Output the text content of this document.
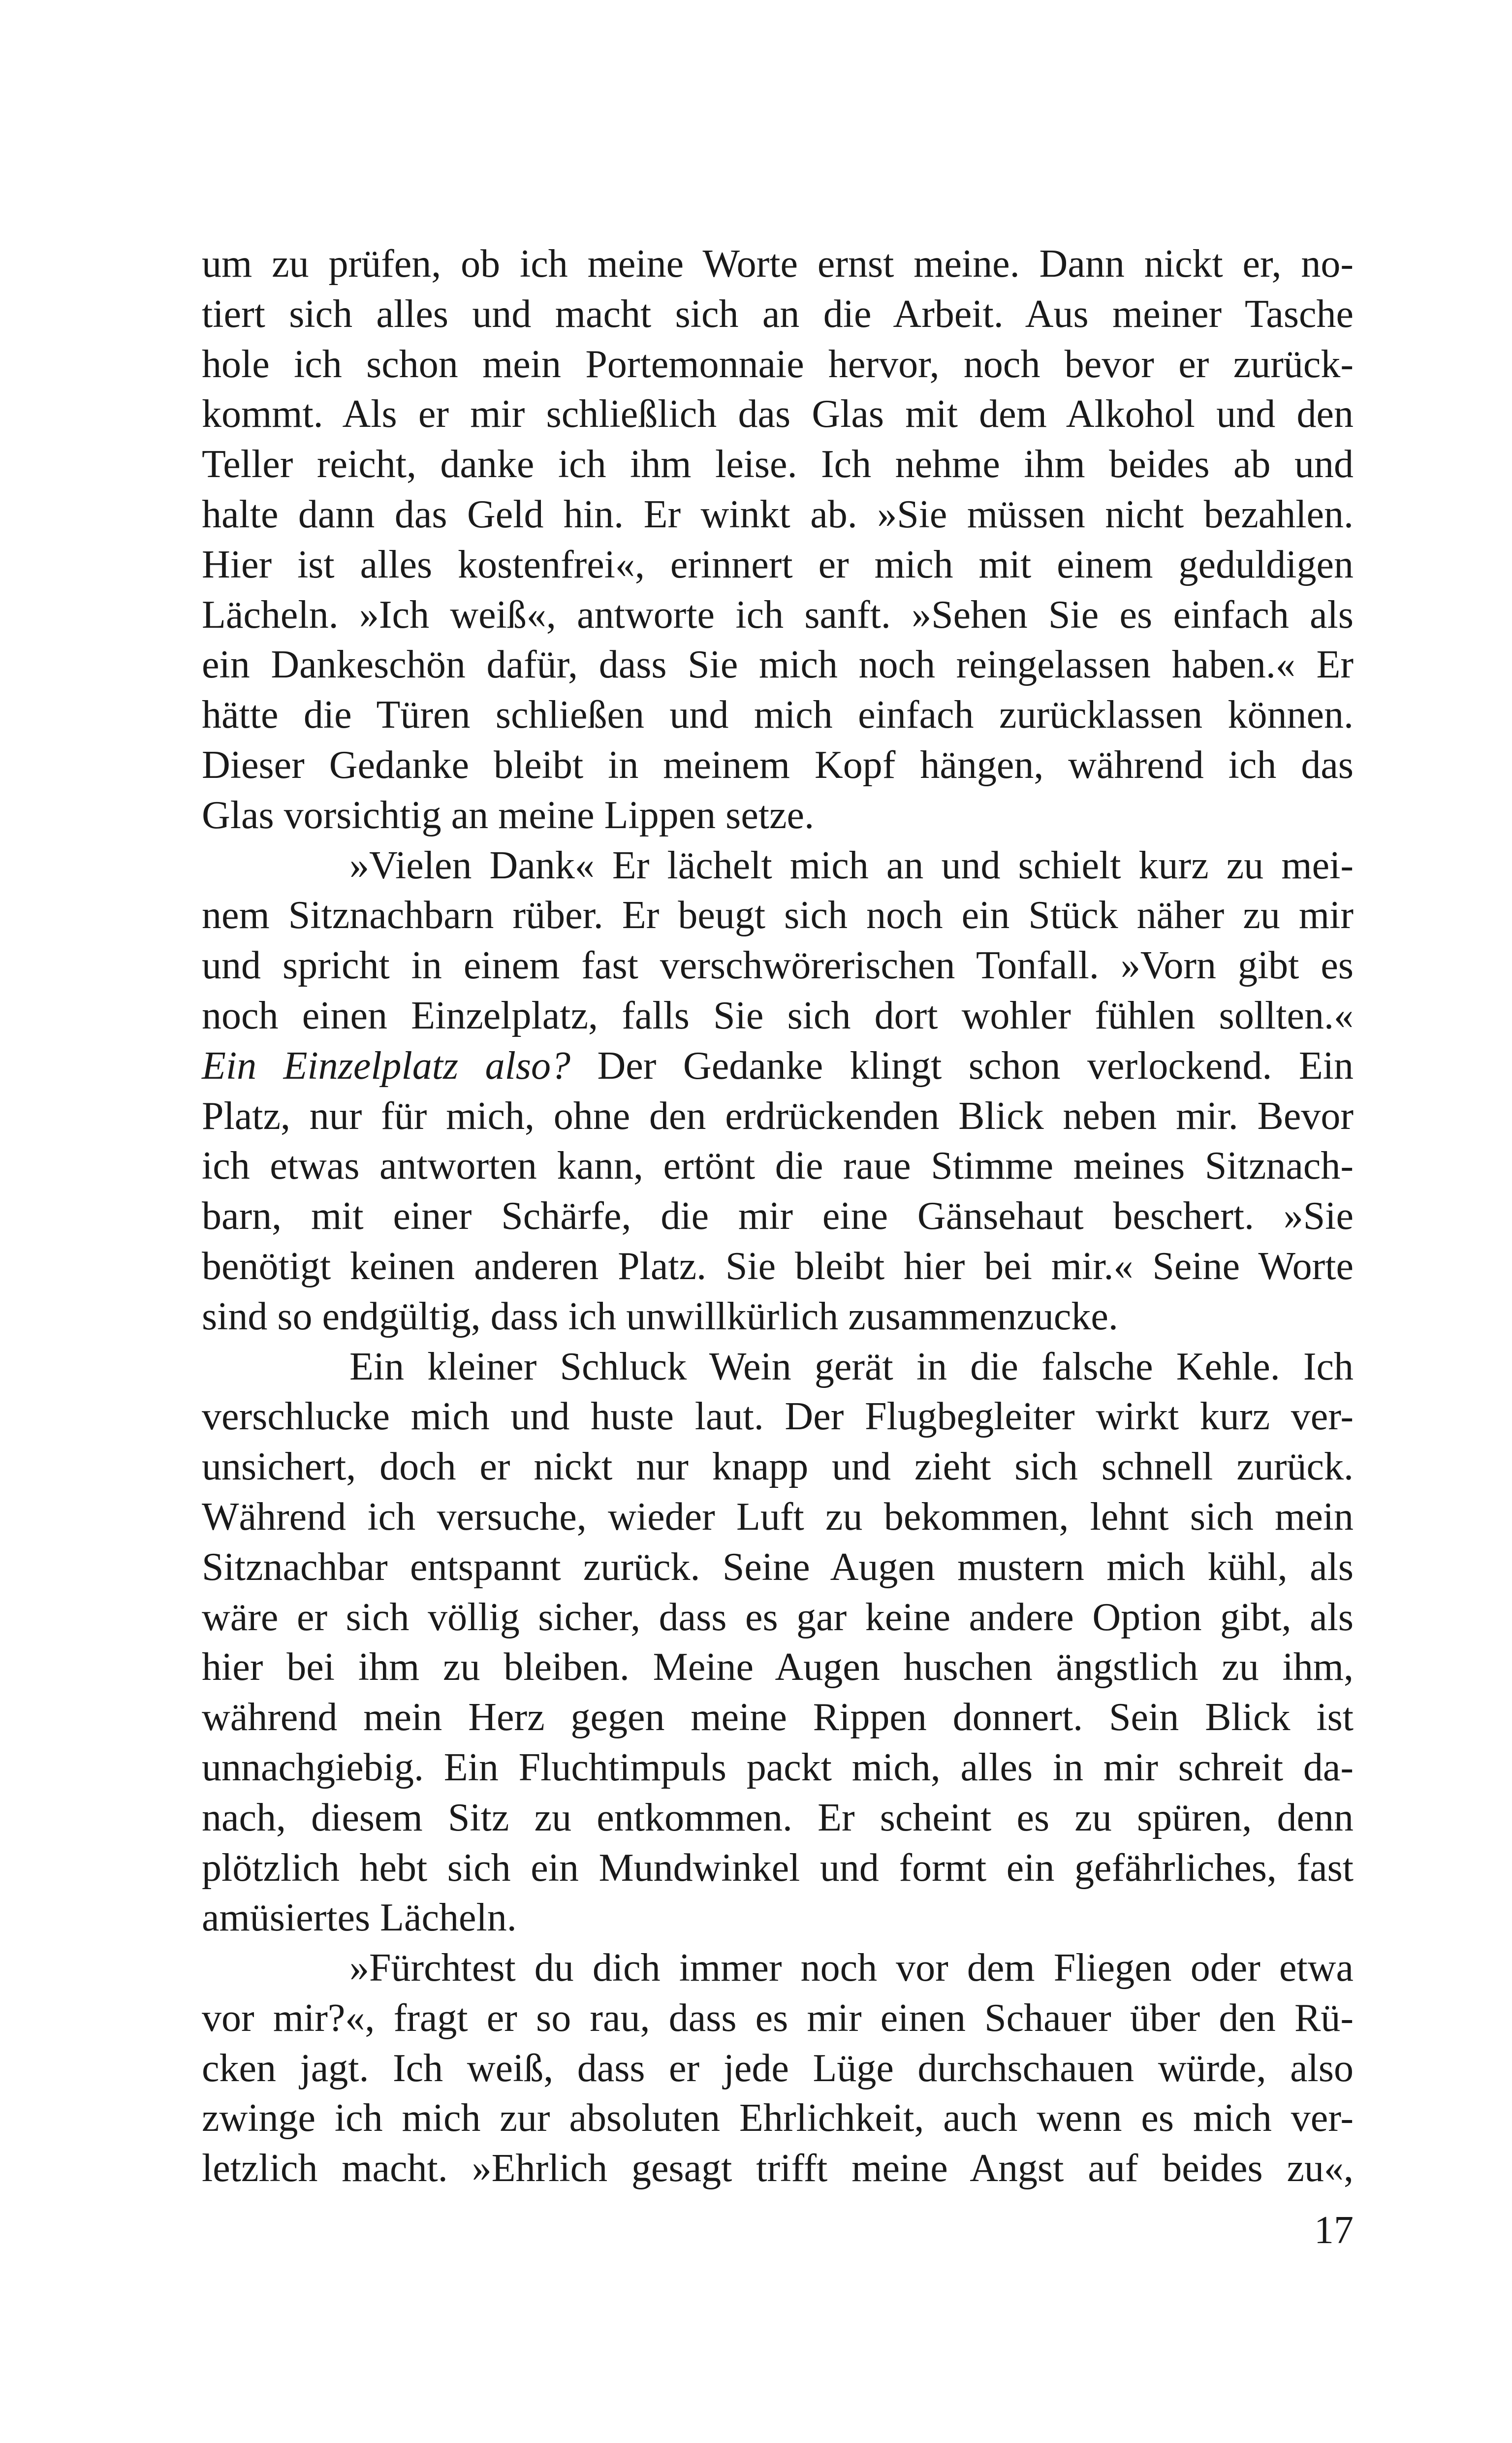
um zu prüfen, ob ich meine Worte ernst meine. Dann nickt er, no-
tiert sich alles und macht sich an die Arbeit. Aus meiner Tasche
hole ich schon mein Portemonnaie hervor, noch bevor er zurück-
kommt. Als er mir schließlich das Glas mit dem Alkohol und den
Teller reicht, danke ich ihm leise. Ich nehme ihm beides ab und
halte dann das Geld hin. Er winkt ab. »Sie müssen nicht bezahlen.
Hier ist alles kostenfrei«, erinnert er mich mit einem geduldigen
Lächeln. »Ich weiß«, antworte ich sanft. »Sehen Sie es einfach als
ein Dankeschön dafür, dass Sie mich noch reingelassen haben.« Er
hätte die Türen schließen und mich einfach zurücklassen können.
Dieser Gedanke bleibt in meinem Kopf hängen, während ich das
Glas vorsichtig an meine Lippen setze.
»Vielen Dank« Er lächelt mich an und schielt kurz zu mei-
nem Sitznachbarn rüber. Er beugt sich noch ein Stück näher zu mir
und spricht in einem fast verschwörerischen Tonfall. »Vorn gibt es
noch einen Einzelplatz, falls Sie sich dort wohler fühlen sollten.«
Ein Einzelplatz also? Der Gedanke klingt schon verlockend. Ein
Platz, nur für mich, ohne den erdrückenden Blick neben mir. Bevor
ich etwas antworten kann, ertönt die raue Stimme meines Sitznach-
barn, mit einer Schärfe, die mir eine Gänsehaut beschert. »Sie
benötigt keinen anderen Platz. Sie bleibt hier bei mir.« Seine Worte
sind so endgültig, dass ich unwillkürlich zusammenzucke.
Ein kleiner Schluck Wein gerät in die falsche Kehle. Ich
verschlucke mich und huste laut. Der Flugbegleiter wirkt kurz ver-
unsichert, doch er nickt nur knapp und zieht sich schnell zurück.
Während ich versuche, wieder Luft zu bekommen, lehnt sich mein
Sitznachbar entspannt zurück. Seine Augen mustern mich kühl, als
wäre er sich völlig sicher, dass es gar keine andere Option gibt, als
hier bei ihm zu bleiben. Meine Augen huschen ängstlich zu ihm,
während mein Herz gegen meine Rippen donnert. Sein Blick ist
unnachgiebig. Ein Fluchtimpuls packt mich, alles in mir schreit da-
nach, diesem Sitz zu entkommen. Er scheint es zu spüren, denn
plötzlich hebt sich ein Mundwinkel und formt ein gefährliches, fast
amüsiertes Lächeln.
»Fürchtest du dich immer noch vor dem Fliegen oder etwa
vor mir?«, fragt er so rau, dass es mir einen Schauer über den Rü-
cken jagt. Ich weiß, dass er jede Lüge durchschauen würde, also
zwinge ich mich zur absoluten Ehrlichkeit, auch wenn es mich ver-
letzlich macht. »Ehrlich gesagt trifft meine Angst auf beides zu«,
17
